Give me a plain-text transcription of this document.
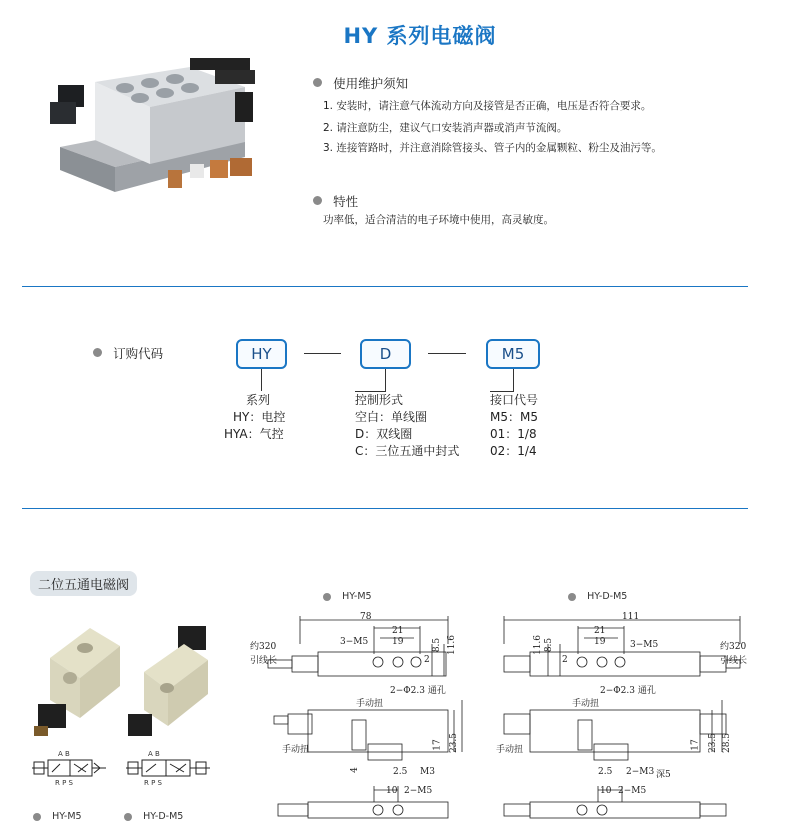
HY 系列电磁阀
使用维护须知
1. 安装时，请注意气体流动方向及接管是否正确，电压是否符合要求。
2. 请注意防尘，建议气口安装消声器或消声节流阀。
3. 连接管路时，并注意消除管接头、管子内的金属颗粒、粉尘及油污等。
特性
功率低，适合清洁的电子环境中使用，高灵敏度。
订购代码	HY	D	M5
系列
HY：电控
HYA：气控
控制形式
空白：单线圈
D：双线圈
C：三位五通中封式
接口代号
M5：M5
01：1/8
02：1/4
二位五通电磁阀
A B
R P S
A B
R P S
HY-M5	HY-D-M5
HY-M5	HY-D-M5
78
21
19
3−M5	8.5 11.6
2
约320
引线长
2−Φ2.3 通孔
手动扭
手动扭	17 23.5
4	2.5 M3
10 2−M5
111
21
19	3−M5
11.6 8.5
2
约320
引线长
2−Φ2.3 通孔
手动扭
手动扭	17 23.5 28.5
2.5 2−M3 深5
10 2−M5
